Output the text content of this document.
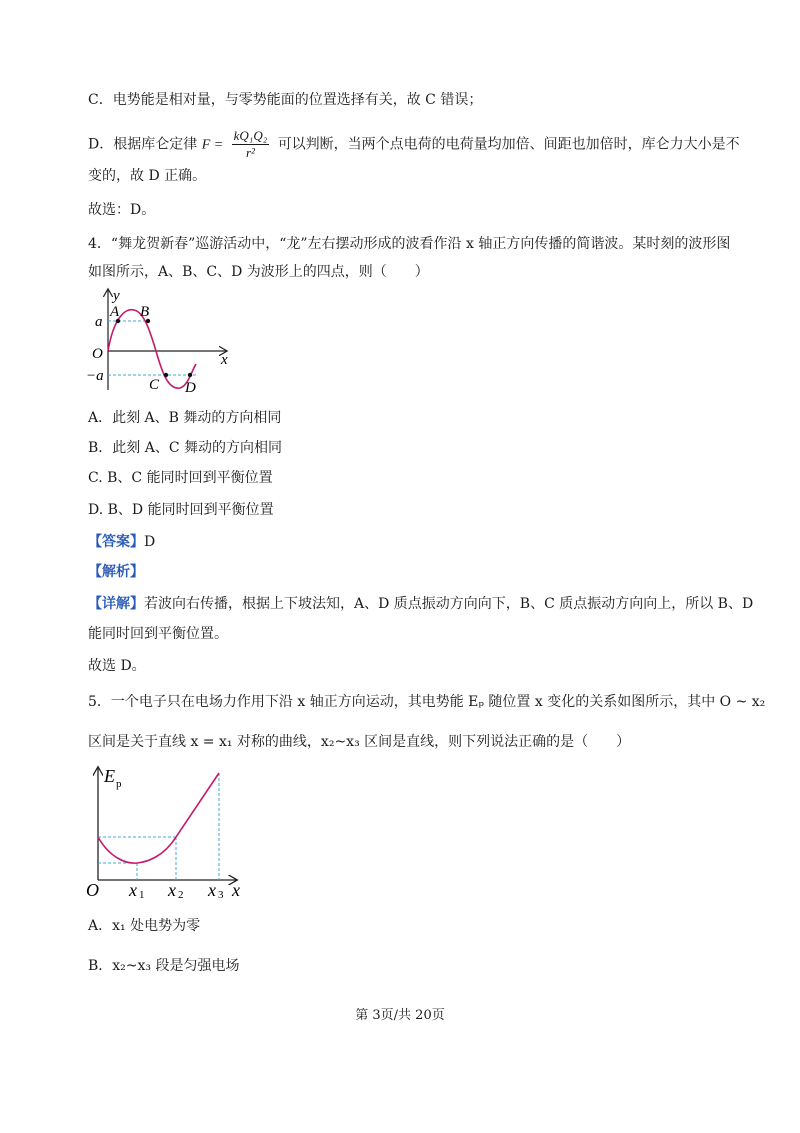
C．电势能是相对量，与零势能面的位置选择有关，故 C 错误；
D．根据库仑定律 $F = \frac{\text{kQ₁Q₂}}{\text{r²}}$ 可以判断，当两个点电荷的电荷量均加倍、间距也加倍时，库仑力大小是不
变的，故 D 正确。
故选：D。
4．“舞龙贺新春”巡游活动中，“龙”左右摆动形成的波看作沿 x 轴正方向传播的简谐波。某时刻的波形图
如图所示，A、B、C、D 为波形上的四点，则（　　）
y
x
O
a
−a
A B
C D
A．此刻 A、B 舞动的方向相同
B．此刻 A、C 舞动的方向相同
C. B、C 能同时回到平衡位置
D. B、D 能同时回到平衡位置
【答案】D
【解析】
【详解】若波向右传播，根据上下坡法知，A、D 质点振动方向向下，B、C 质点振动方向向上，所以 B、D
能同时回到平衡位置。
故选 D。
5．一个电子只在电场力作用下沿 x 轴正方向运动，其电势能 Eₚ 随位置 x 变化的关系如图所示，其中 O ~ x₂
区间是关于直线 x = x₁ 对称的曲线，x₂~x₃ 区间是直线，则下列说法正确的是（　　）
E p
O x 1 x 2 x 3 x
A．x₁ 处电势为零
B．x₂~x₃ 段是匀强电场
第 3页/共 20页
